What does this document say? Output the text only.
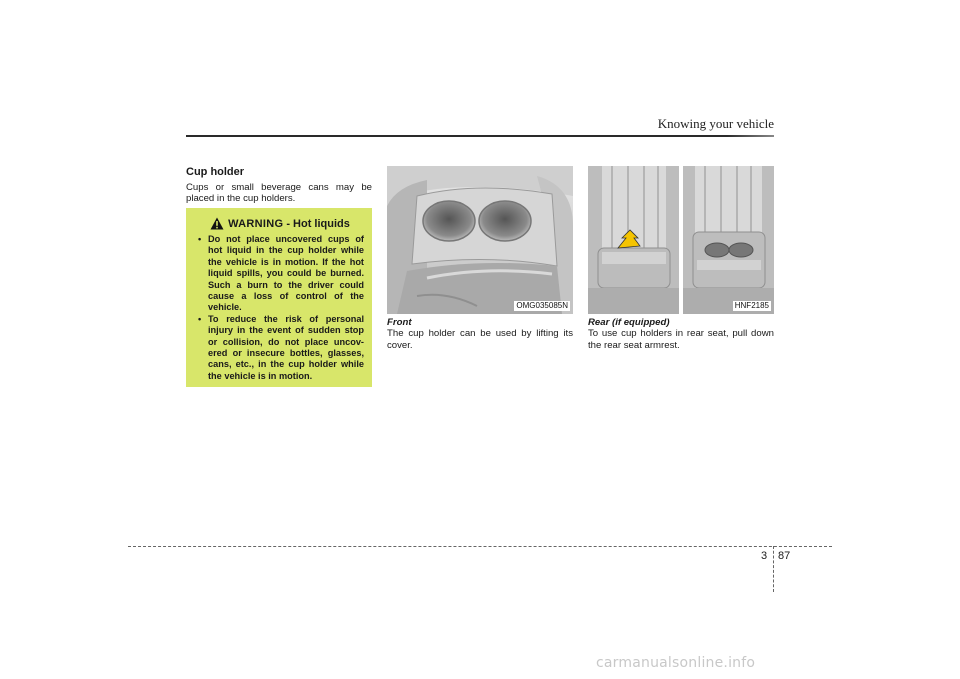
Knowing your vehicle
Cup holder
Cups or small beverage cans may be placed in the cup holders.
WARNING - Hot liquids
• Do not place uncovered cups of hot liquid in the cup holder while the vehicle is in motion. If the hot liquid spills, you could be burned. Such a burn to the driver could cause a loss of control of the vehicle.
• To reduce the risk of personal injury in the event of sudden stop or collision, do not place uncov-ered or insecure bottles, glasses, cans, etc., in the cup holder while the vehicle is in motion.
OMG035085N	HNF2185
Front
The cup holder can be used by lifting its cover.
Rear (if equipped)
To use cup holders in rear seat, pull down the rear seat armrest.
3 87
carmanualsonline.info
